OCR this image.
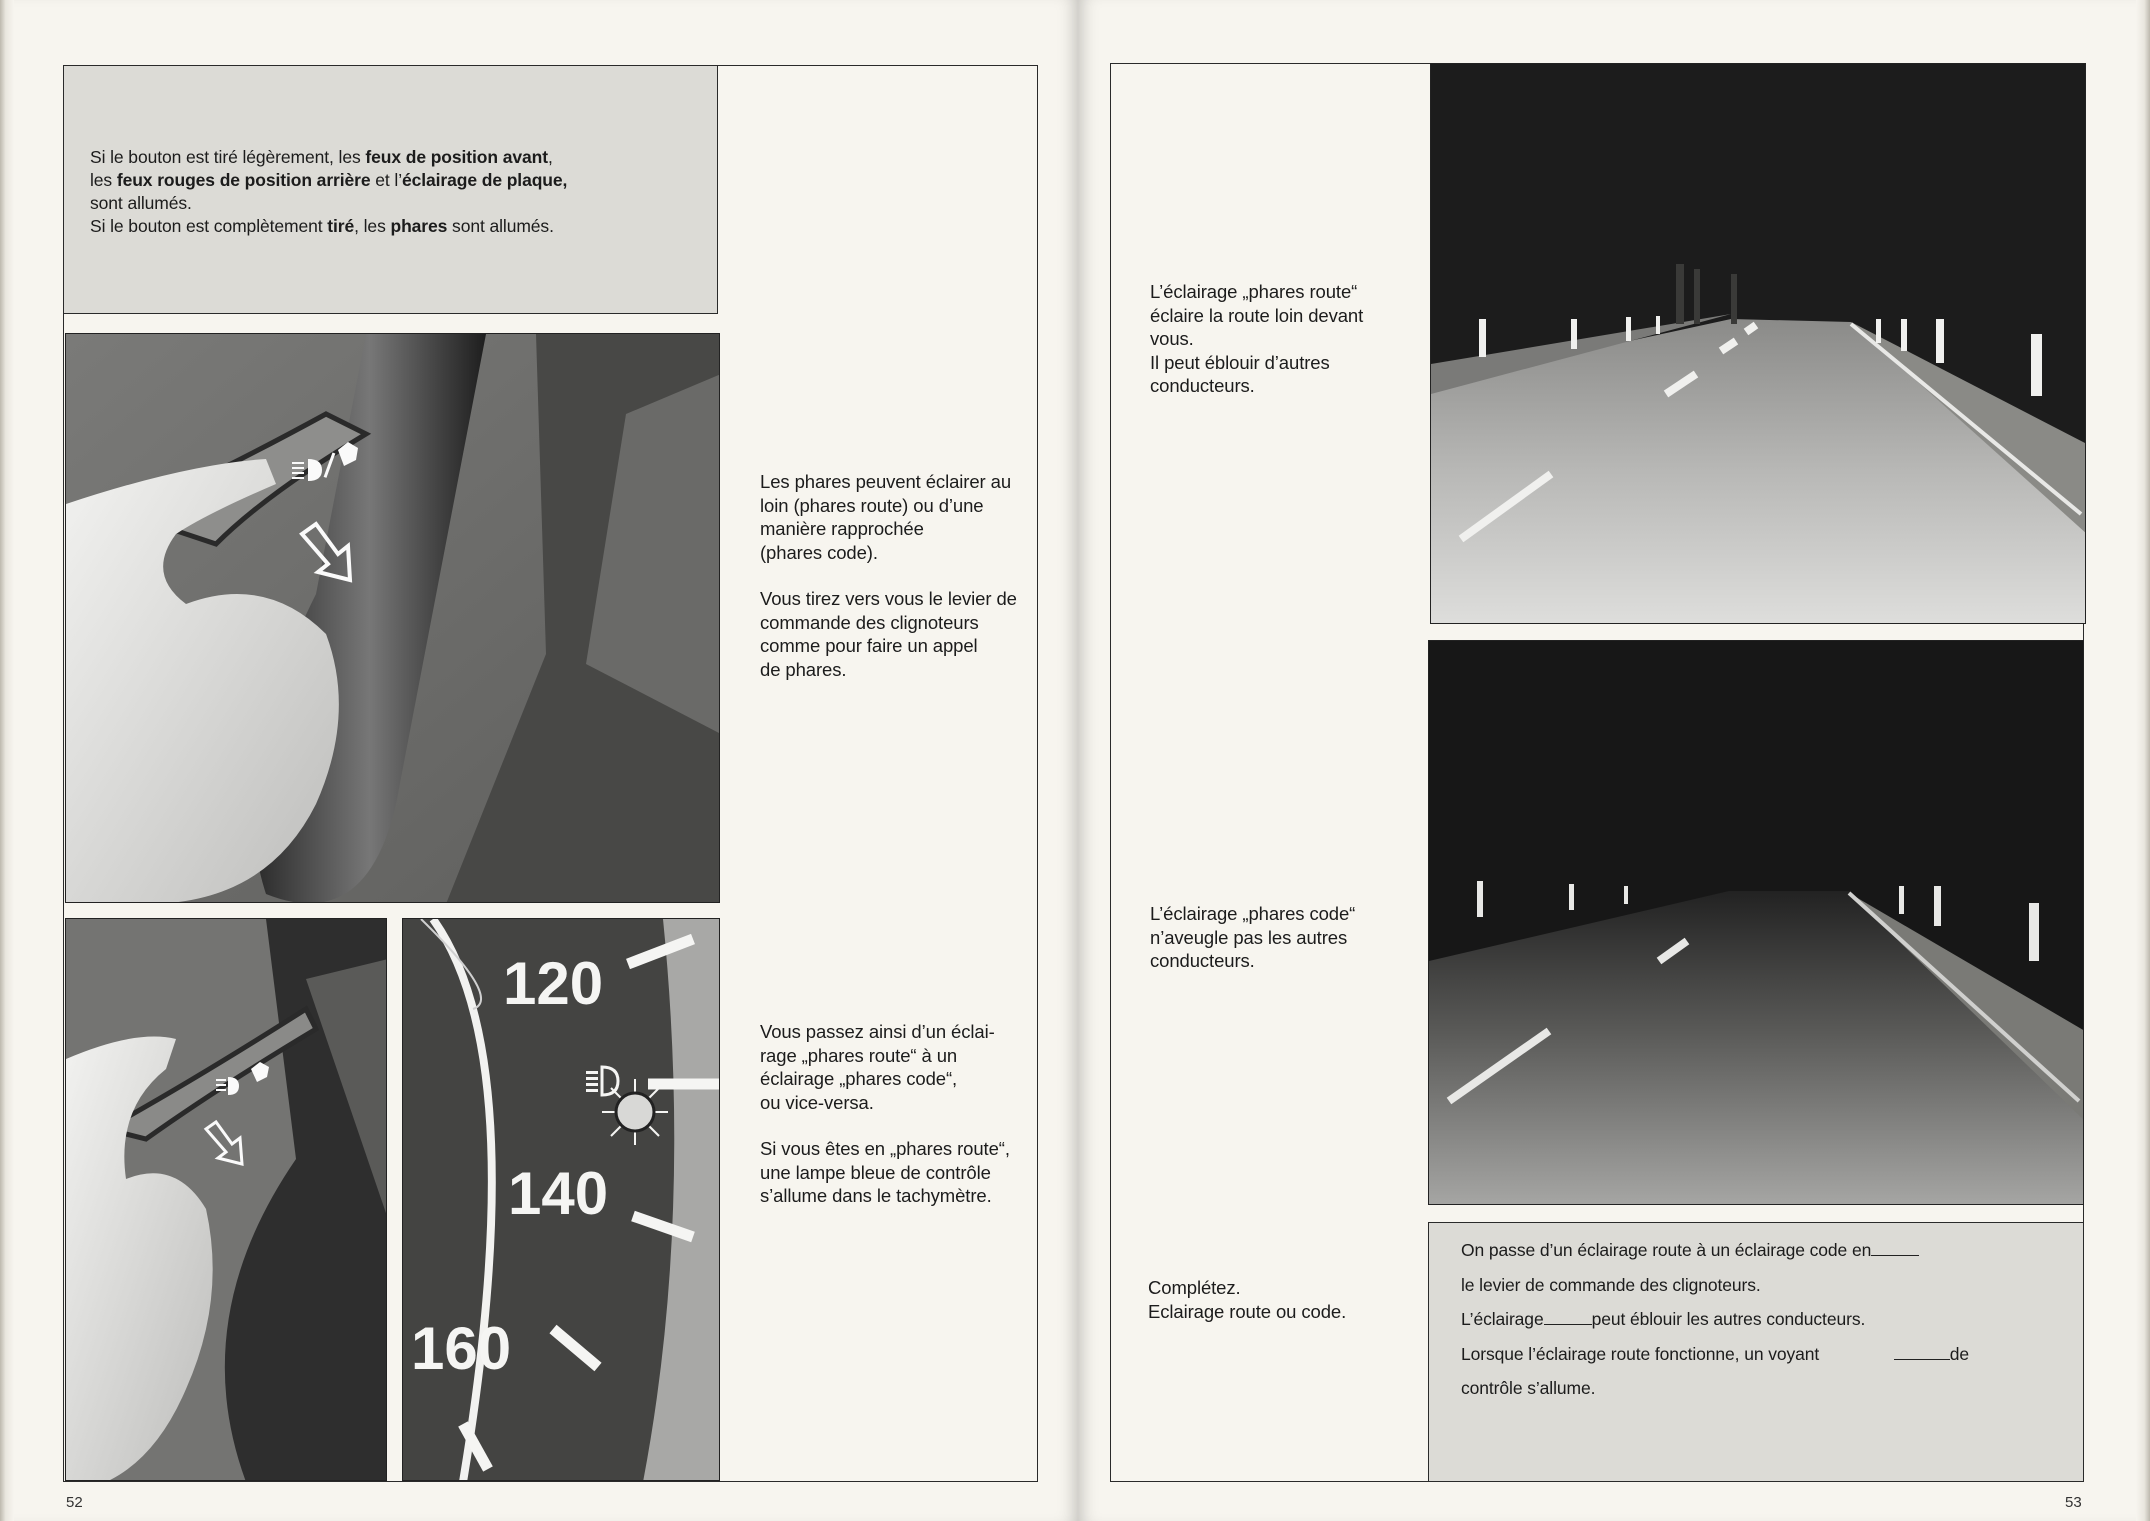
Si le bouton est tiré légèrement, les feux de position avant,

les feux rouges de position arrière et l’éclairage de plaque,

sont allumés.

Si le bouton est complètement tiré, les phares sont allumés.

120
140
160

Les phares peuvent éclairer au

loin (phares route) ou d’une

manière rapprochée

(phares code).

Vous tirez vers vous le levier de

commande des clignoteurs

comme pour faire un appel

de phares.

Vous passez ainsi d’un éclai-

rage „phares route“ à un

éclairage „phares code“,

ou vice-versa.

Si vous êtes en „phares route“,

une lampe bleue de contrôle

s’allume dans le tachymètre.

52

On passe d’un éclairage route à un éclairage code en

le levier de commande des clignoteurs.

L’éclairage	peut éblouir les autres conducteurs.

Lorsque l’éclairage route fonctionne, un voyant	de

contrôle s’allume.

L’éclairage „phares route“

éclaire la route loin devant

vous.

Il peut éblouir d’autres

conducteurs.

L’éclairage „phares code“

n’aveugle pas les autres

conducteurs.

Complétez.

Eclairage route ou code.

53
